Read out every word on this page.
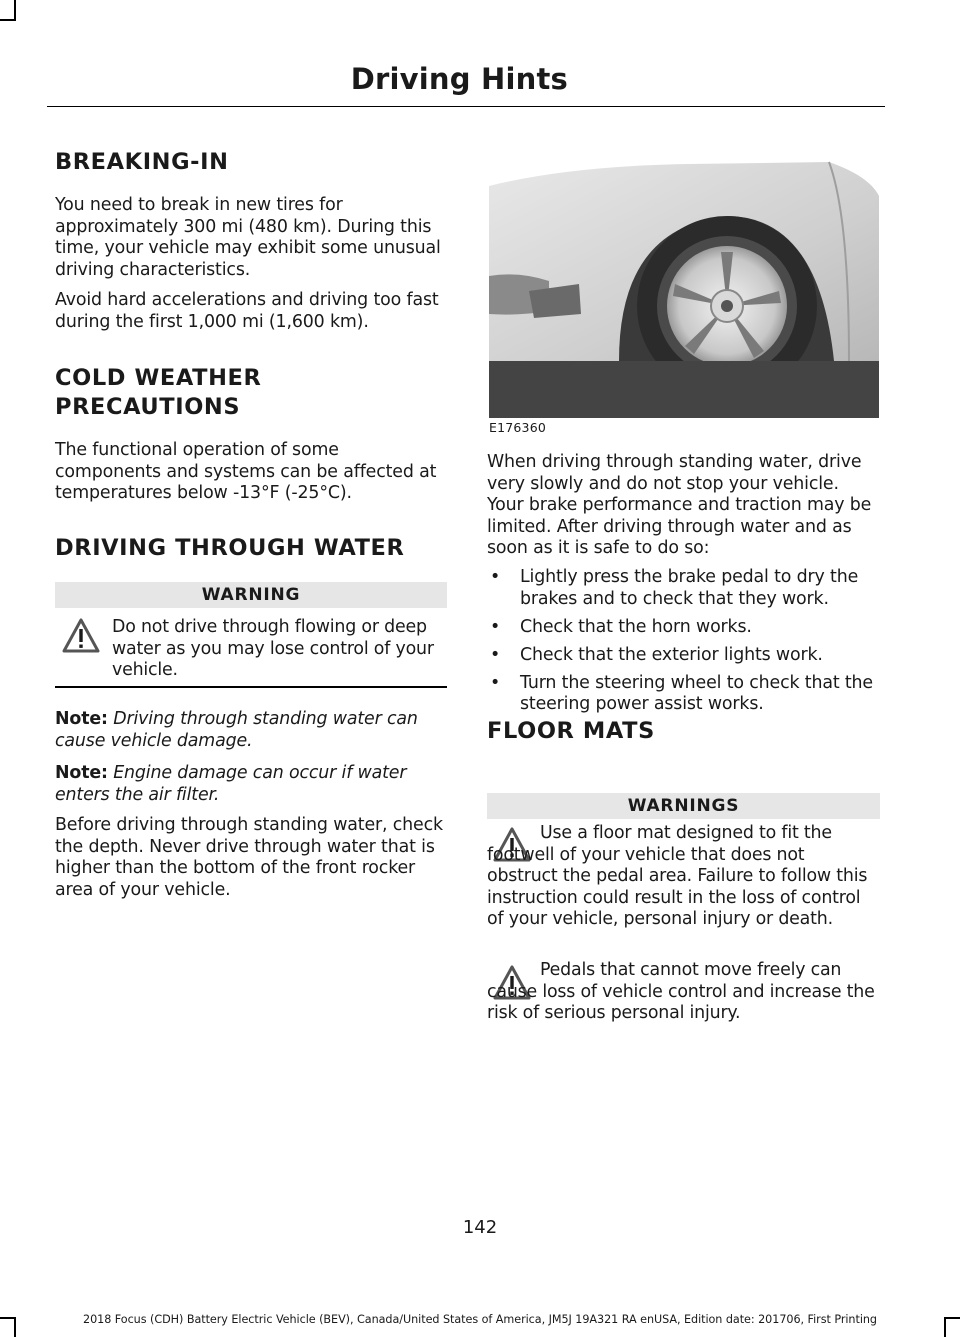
Driving Hints
BREAKING-IN

You need to break in new tires for approximately 300 mi (480 km). During this time, your vehicle may exhibit some unusual driving characteristics.

Avoid hard accelerations and driving too fast during the first 1,000 mi (1,600 km).

COLD WEATHER
PRECAUTIONS

The functional operation of some components and systems can be affected at temperatures below -13°F (-25°C).

DRIVING THROUGH WATER
WARNING
Do not drive through flowing or deep water as you may lose control of your vehicle.

Note: Driving through standing water can cause vehicle damage.

Note: Engine damage can occur if water enters the air filter.

Before driving through standing water, check the depth. Never drive through water that is higher than the bottom of the front rocker area of your vehicle.

E176360

When driving through standing water, drive very slowly and do not stop your vehicle. Your brake performance and traction may be limited. After driving through water and as soon as it is safe to do so:

• Lightly press the brake pedal to dry the brakes and to check that they work.
• Check that the horn works.
• Check that the exterior lights work.
• Turn the steering wheel to check that the steering power assist works.
FLOOR MATS
WARNINGS
Use a floor mat designed to fit the footwell of your vehicle that does not obstruct the pedal area. Failure to follow this instruction could result in the loss of control of your vehicle, personal injury or death.
Pedals that cannot move freely can cause loss of vehicle control and increase the risk of serious personal injury.
142
2018 Focus (CDH) Battery Electric Vehicle (BEV), Canada/United States of America, JM5J 19A321 RA enUSA, Edition date: 201706, First Printing
